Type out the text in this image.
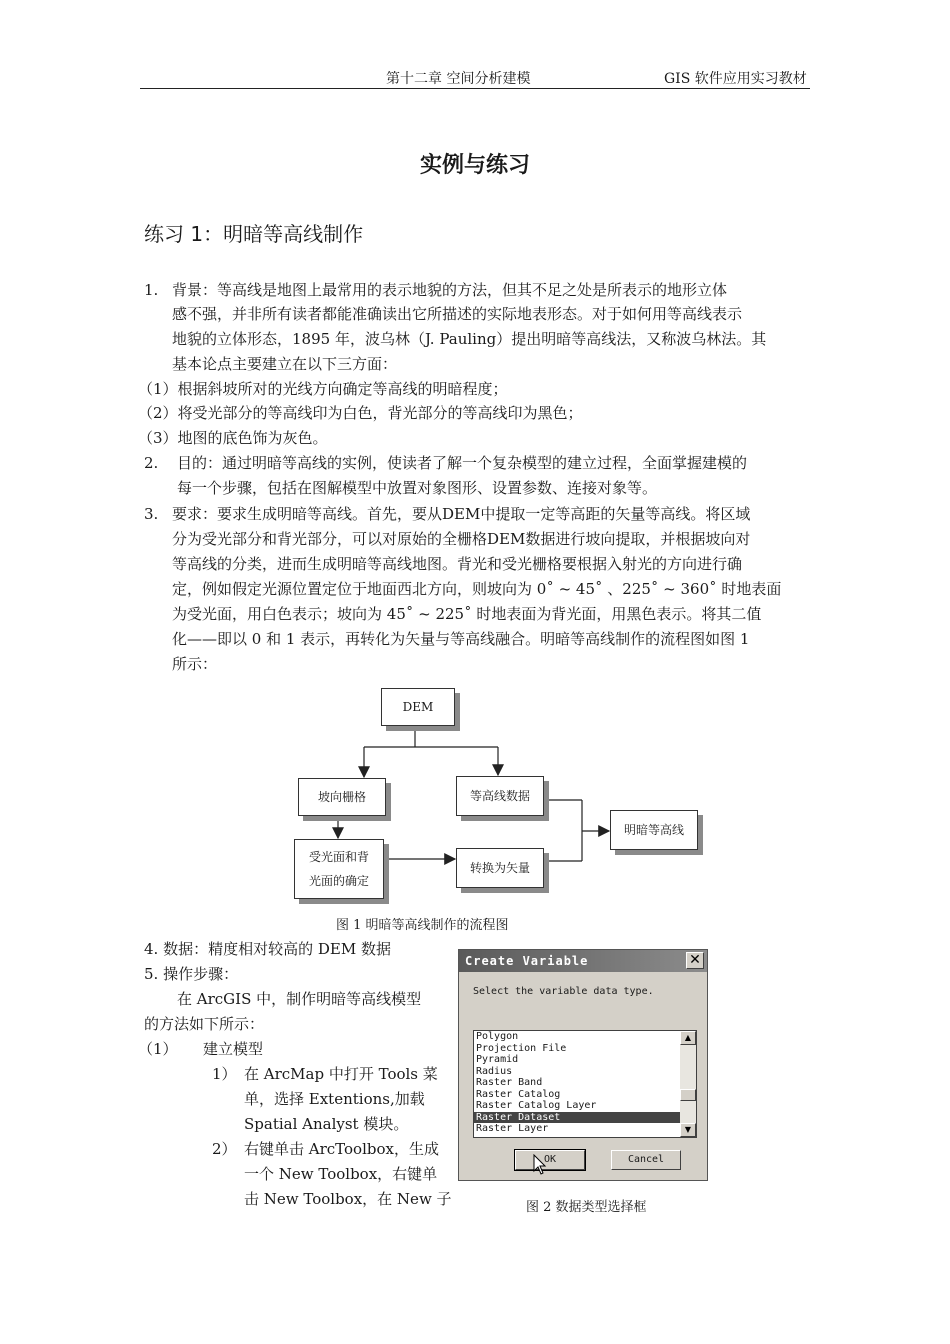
第十二章 空间分析建模	GIS 软件应用实习教材
实例与练习
练习 1：明暗等高线制作
1. 背景：等高线是地图上最常用的表示地貌的方法，但其不足之处是所表示的地形立体
感不强，并非所有读者都能准确读出它所描述的实际地表形态。对于如何用等高线表示
地貌的立体形态，1895 年，波乌林（J. Pauling）提出明暗等高线法，又称波乌林法。其
基本论点主要建立在以下三方面：
（1）根据斜坡所对的光线方向确定等高线的明暗程度；
（2）将受光部分的等高线印为白色，背光部分的等高线印为黑色；
（3）地图的底色饰为灰色。
2. 目的：通过明暗等高线的实例，使读者了解一个复杂模型的建立过程，全面掌握建模的
每一个步骤，包括在图解模型中放置对象图形、设置参数、连接对象等。
3. 要求：要求生成明暗等高线。首先，要从DEM中提取一定等高距的矢量等高线。将区域
分为受光部分和背光部分，可以对原始的全栅格DEM数据进行坡向提取，并根据坡向对
等高线的分类，进而生成明暗等高线地图。背光和受光栅格要根据入射光的方向进行确
定，例如假定光源位置定位于地面西北方向，则坡向为 0˚ ~ 45˚ 、225˚ ~ 360˚ 时地表面
为受光面，用白色表示；坡向为 45˚ ~ 225˚ 时地表面为背光面，用黑色表示。将其二值
化——即以 0 和 1 表示，再转化为矢量与等高线融合。明暗等高线制作的流程图如图 1
所示：
DEM
坡向栅格	等高线数据
受光面和背
光面的确定
转换为矢量
明暗等高线
图 1 明暗等高线制作的流程图
4. 数据：精度相对较高的 DEM 数据
5. 操作步骤：
在 ArcGIS 中，制作明暗等高线模型
的方法如下所示：
（1） 建立模型
1） 在 ArcMap 中打开 Tools 菜
单，选择 Extentions,加载
Spatial Analyst 模块。
2） 右键单击 ArcToolbox，生成
一个 New Toolbox，右键单
击 New Toolbox，在 New 子
Create Variable	✕
Select the variable data type.
Polygon
Projection File
Pyramid
Radius
Raster Band
Raster Catalog
Raster Catalog Layer
Raster Dataset
Raster Layer
▲
▼
OK	Cancel
图 2 数据类型选择框
